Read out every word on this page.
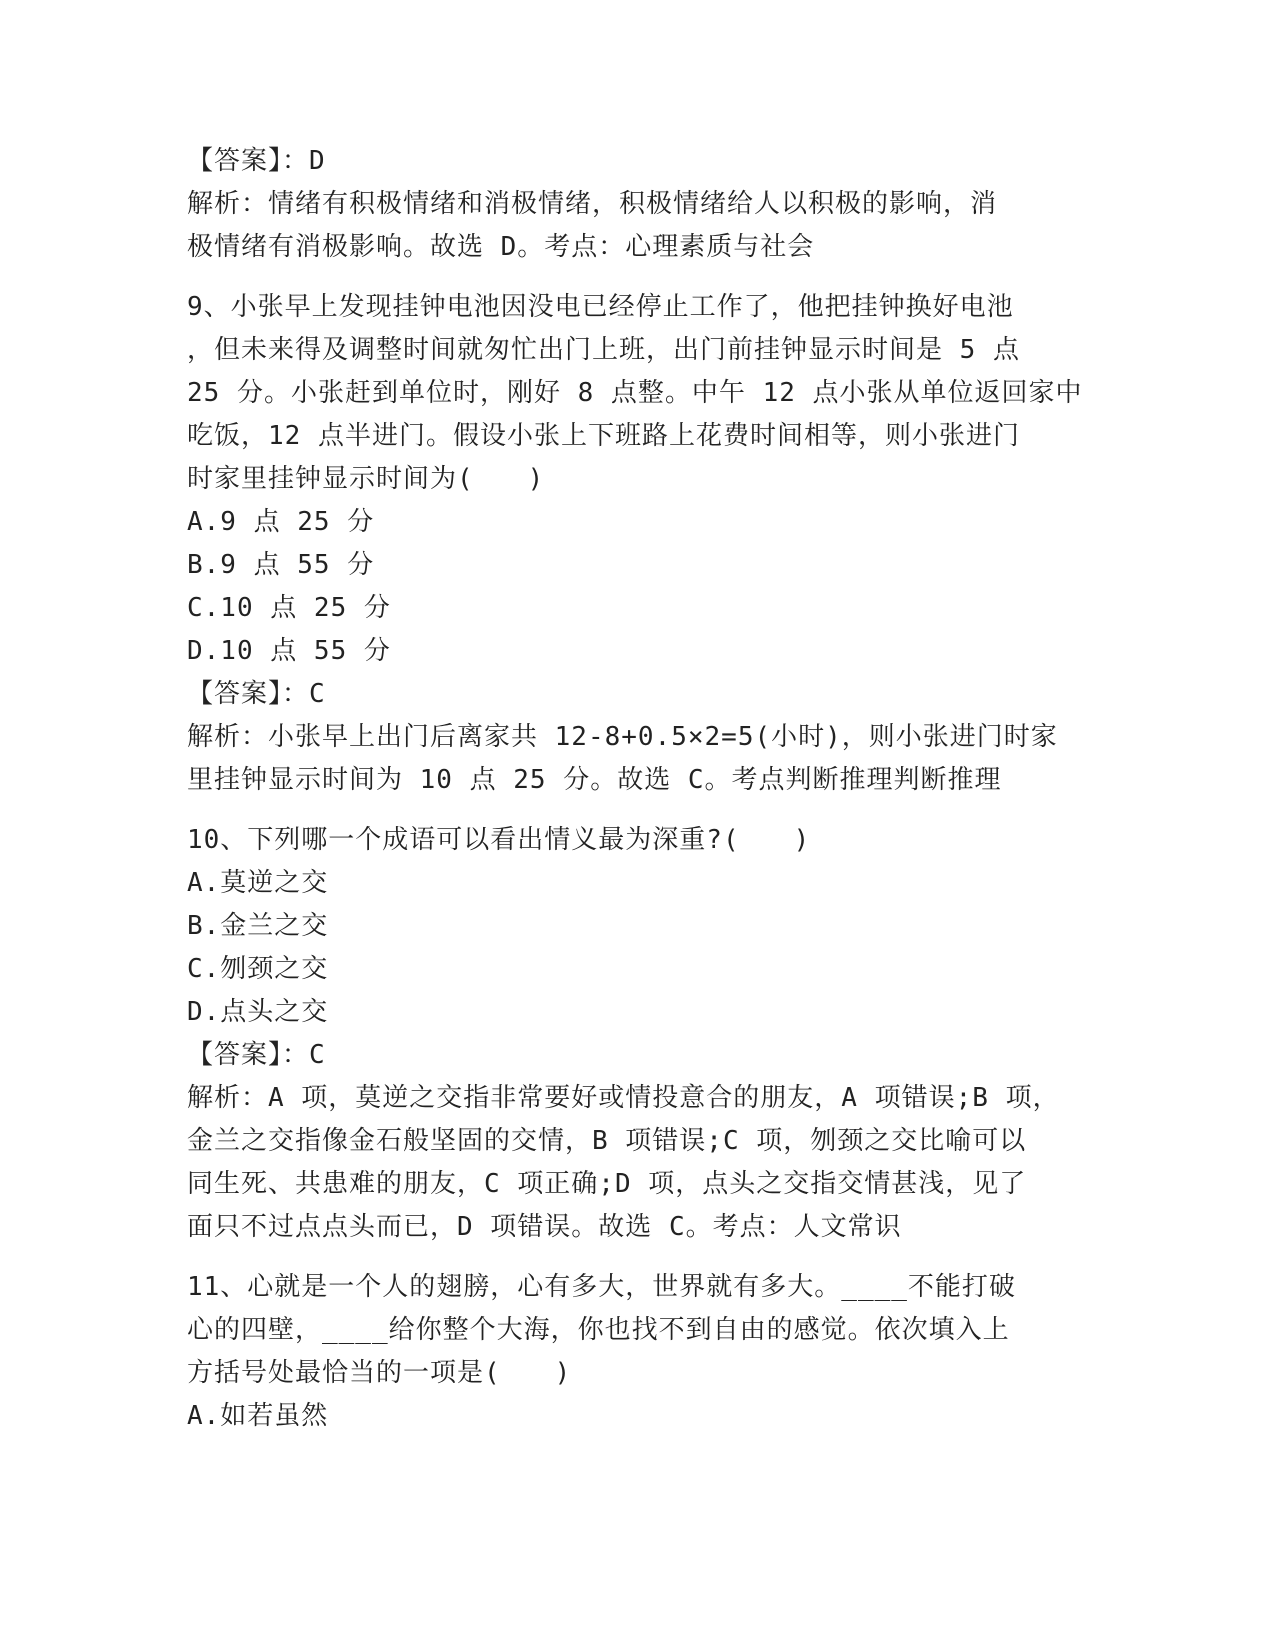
【答案】：D
解析：情绪有积极情绪和消极情绪，积极情绪给人以积极的影响，消
极情绪有消极影响。故选 D。考点：心理素质与社会
9、小张早上发现挂钟电池因没电已经停止工作了，他把挂钟换好电池
，但未来得及调整时间就匆忙出门上班，出门前挂钟显示时间是 5 点
25 分。小张赶到单位时，刚好 8 点整。中午 12 点小张从单位返回家中
吃饭，12 点半进门。假设小张上下班路上花费时间相等，则小张进门
时家里挂钟显示时间为(　　)
A.9 点 25 分
B.9 点 55 分
C.10 点 25 分
D.10 点 55 分
【答案】：C
解析：小张早上出门后离家共 12-8+0.5×2=5(小时)，则小张进门时家
里挂钟显示时间为 10 点 25 分。故选 C。考点判断推理判断推理
10、下列哪一个成语可以看出情义最为深重?(　　)
A.莫逆之交
B.金兰之交
C.刎颈之交
D.点头之交
【答案】：C
解析：A 项，莫逆之交指非常要好或情投意合的朋友，A 项错误;B 项，
金兰之交指像金石般坚固的交情，B 项错误;C 项，刎颈之交比喻可以
同生死、共患难的朋友，C 项正确;D 项，点头之交指交情甚浅，见了
面只不过点点头而已，D 项错误。故选 C。考点：人文常识
11、心就是一个人的翅膀，心有多大，世界就有多大。____不能打破
心的四壁，____给你整个大海，你也找不到自由的感觉。依次填入上
方括号处最恰当的一项是(　　)
A.如若虽然
